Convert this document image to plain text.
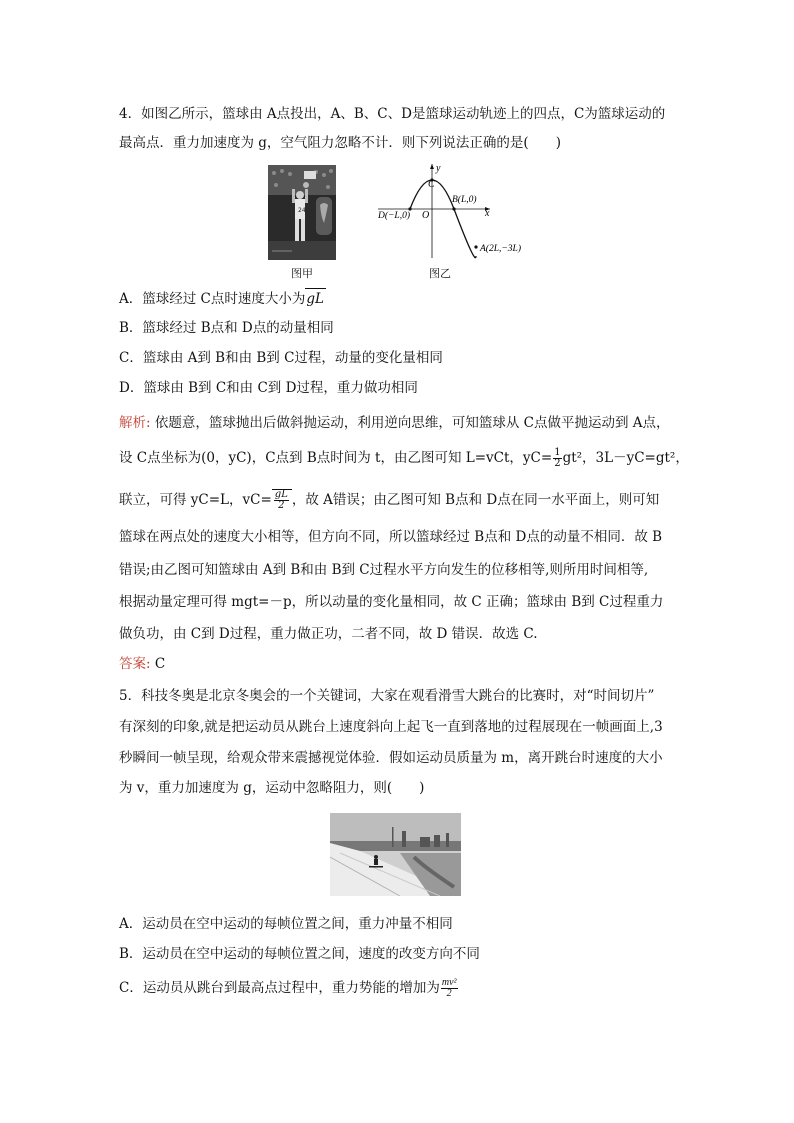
4．如图乙所示，篮球由 A点投出，A、B、C、D是篮球运动轨迹上的四点，C为篮球运动的
最高点．重力加速度为 g，空气阻力忽略不计．则下列说法正确的是(　　)
24
图甲
y
x
C
O
B(L,0)
D(−L,0)
A(2L,−3L)
图乙
A．篮球经过 C点时速度大小为gL
B．篮球经过 B点和 D点的动量相同
C．篮球由 A到 B和由 B到 C过程，动量的变化量相同
D．篮球由 B到 C和由 C到 D过程，重力做功相同
解析: 依题意，篮球抛出后做斜抛运动，利用逆向思维，可知篮球从 C点做平抛运动到 A点，
设 C点坐标为(0，yC)，C点到 B点时间为 t，由乙图可知 L=vCt，$yC= \frac{1}{2} gt^2$，3L－yC=gt²，
联立，可得 yC=L，$vC= \frac{gL}{2}$ ，故 A错误；由乙图可知 B点和 D点在同一水平面上，则可知
篮球在两点处的速度大小相等，但方向不同，所以篮球经过 B点和 D点的动量不相同．故 B
错误;由乙图可知篮球由 A到 B和由 B到 C过程水平方向发生的位移相等,则所用时间相等,
根据动量定理可得 mgt=－p，所以动量的变化量相同，故 C 正确；篮球由 B到 C过程重力
做负功，由 C到 D过程，重力做正功，二者不同，故 D 错误．故选 C.
答案: C
5．科技冬奥是北京冬奥会的一个关键词，大家在观看滑雪大跳台的比赛时，对“时间切片”
有深刻的印象,就是把运动员从跳台上速度斜向上起飞一直到落地的过程展现在一帧画面上,3
秒瞬间一帧呈现，给观众带来震撼视觉体验．假如运动员质量为 m，离开跳台时速度的大小
为 v，重力加速度为 g，运动中忽略阻力，则(　　)
A．运动员在空中运动的每帧位置之间，重力冲量不相同
B．运动员在空中运动的每帧位置之间，速度的改变方向不同
C．运动员从跳台到最高点过程中，重力势能的增加为 $\frac{\text{mv²}}{2}$
